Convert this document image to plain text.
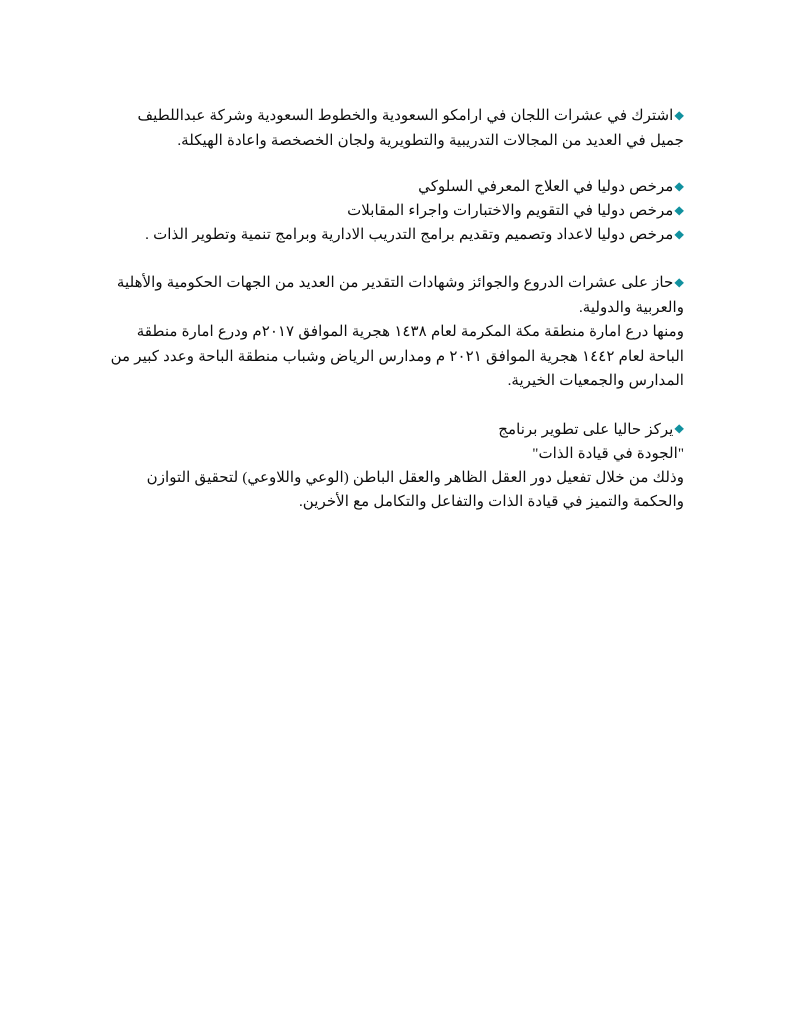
◆اشترك في عشرات اللجان في ارامكو السعودية والخطوط السعودية وشركة عبداللطيف جميل في العديد من المجالات التدريبية والتطويرية ولجان الخصخصة واعادة الهيكلة.

◆مرخص دوليا في العلاج المعرفي السلوكي

◆مرخص دوليا في التقويم والاختبارات واجراء المقابلات

◆مرخص دوليا لاعداد وتصميم وتقديم برامج التدريب الادارية وبرامج تنمية وتطوير الذات .

◆حاز على عشرات الدروع والجوائز وشهادات التقدير من العديد من الجهات الحكومية والأهلية والعربية والدولية.

ومنها درع امارة منطقة مكة المكرمة لعام ١٤٣٨ هجرية الموافق ٢٠١٧م ودرع امارة منطقة الباحة لعام ١٤٤٢ هجرية الموافق ٢٠٢١ م ومدارس الرياض وشباب منطقة الباحة وعدد كبير من المدارس والجمعيات الخيرية.

◆يركز حاليا على تطوير برنامج

"الجودة في قيادة الذات"

وذلك من خلال تفعيل دور العقل الظاهر والعقل الباطن (الوعي واللاوعي) لتحقيق التوازن والحكمة والتميز في قيادة الذات والتفاعل والتكامل مع الأخرين.
